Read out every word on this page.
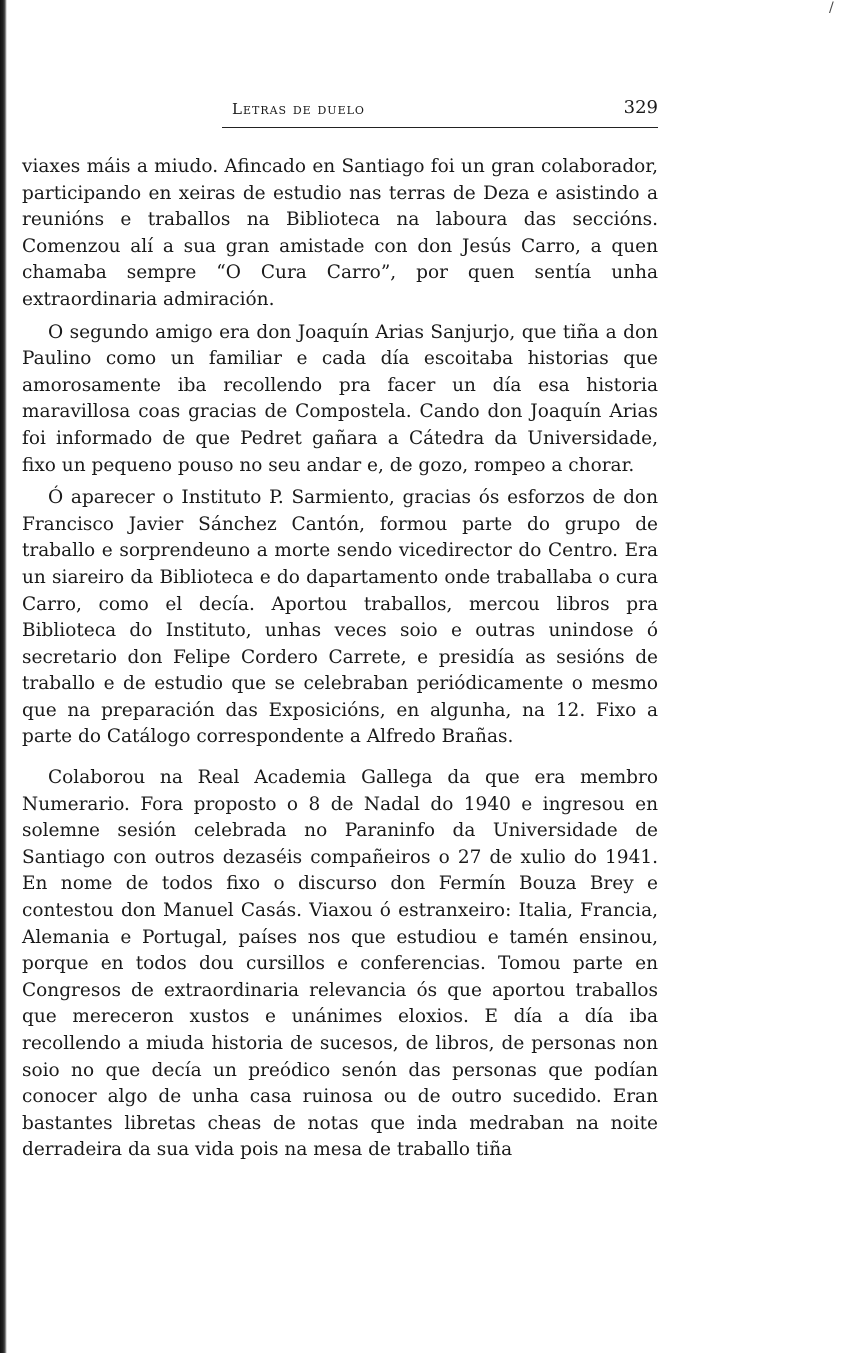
/
Letras de duelo	329

viaxes máis a miudo. Afincado en Santiago foi un gran colaborador, participando en xeiras de estudio nas terras de Deza e asistindo a reunións e traballos na Biblioteca na laboura das seccións. Comenzou alí a sua gran amistade con don Jesús Carro, a quen chamaba sempre “O Cura Carro”, por quen sentía unha extraordinaria admiración.

O segundo amigo era don Joaquín Arias Sanjurjo, que tiña a don Paulino como un familiar e cada día escoitaba historias que amorosamente iba recollendo pra facer un día esa historia maravillosa coas gracias de Compostela. Cando don Joaquín Arias foi informado de que Pedret gañara a Cátedra da Universidade, fixo un pequeno pouso no seu andar e, de gozo, rompeo a chorar.

Ó aparecer o Instituto P. Sarmiento, gracias ós esforzos de don Francisco Javier Sánchez Cantón, formou parte do grupo de traballo e sorprendeuno a morte sendo vicedirector do Centro. Era un siareiro da Biblioteca e do dapartamento onde traballaba o cura Carro, como el decía. Aportou traballos, mercou libros pra Biblioteca do Instituto, unhas veces soio e outras unindose ó secretario don Felipe Cordero Carrete, e presidía as sesións de traballo e de estudio que se celebraban periódicamente o mesmo que na preparación das Exposicións, en algunha, na 12. Fixo a parte do Catálogo correspondente a Alfredo Brañas.

Colaborou na Real Academia Gallega da que era membro Numerario. Fora proposto o 8 de Nadal do 1940 e ingresou en solemne sesión celebrada no Paraninfo da Universidade de Santiago con outros dezaséis compañeiros o 27 de xulio do 1941. En nome de todos fixo o discurso don Fermín Bouza Brey e contestou don Manuel Casás. Viaxou ó estranxeiro: Italia, Francia, Alemania e Portugal, países nos que estudiou e tamén ensinou, porque en todos dou cursillos e conferencias. Tomou parte en Congresos de extraordinaria relevancia ós que aportou traballos que mereceron xustos e unánimes eloxios. E día a día iba recollendo a miuda historia de sucesos, de libros, de personas non soio no que decía un preódico senón das personas que podían conocer algo de unha casa ruinosa ou de outro sucedido. Eran bastantes libretas cheas de notas que inda medraban na noite derradeira da sua vida pois na mesa de traballo tiña
